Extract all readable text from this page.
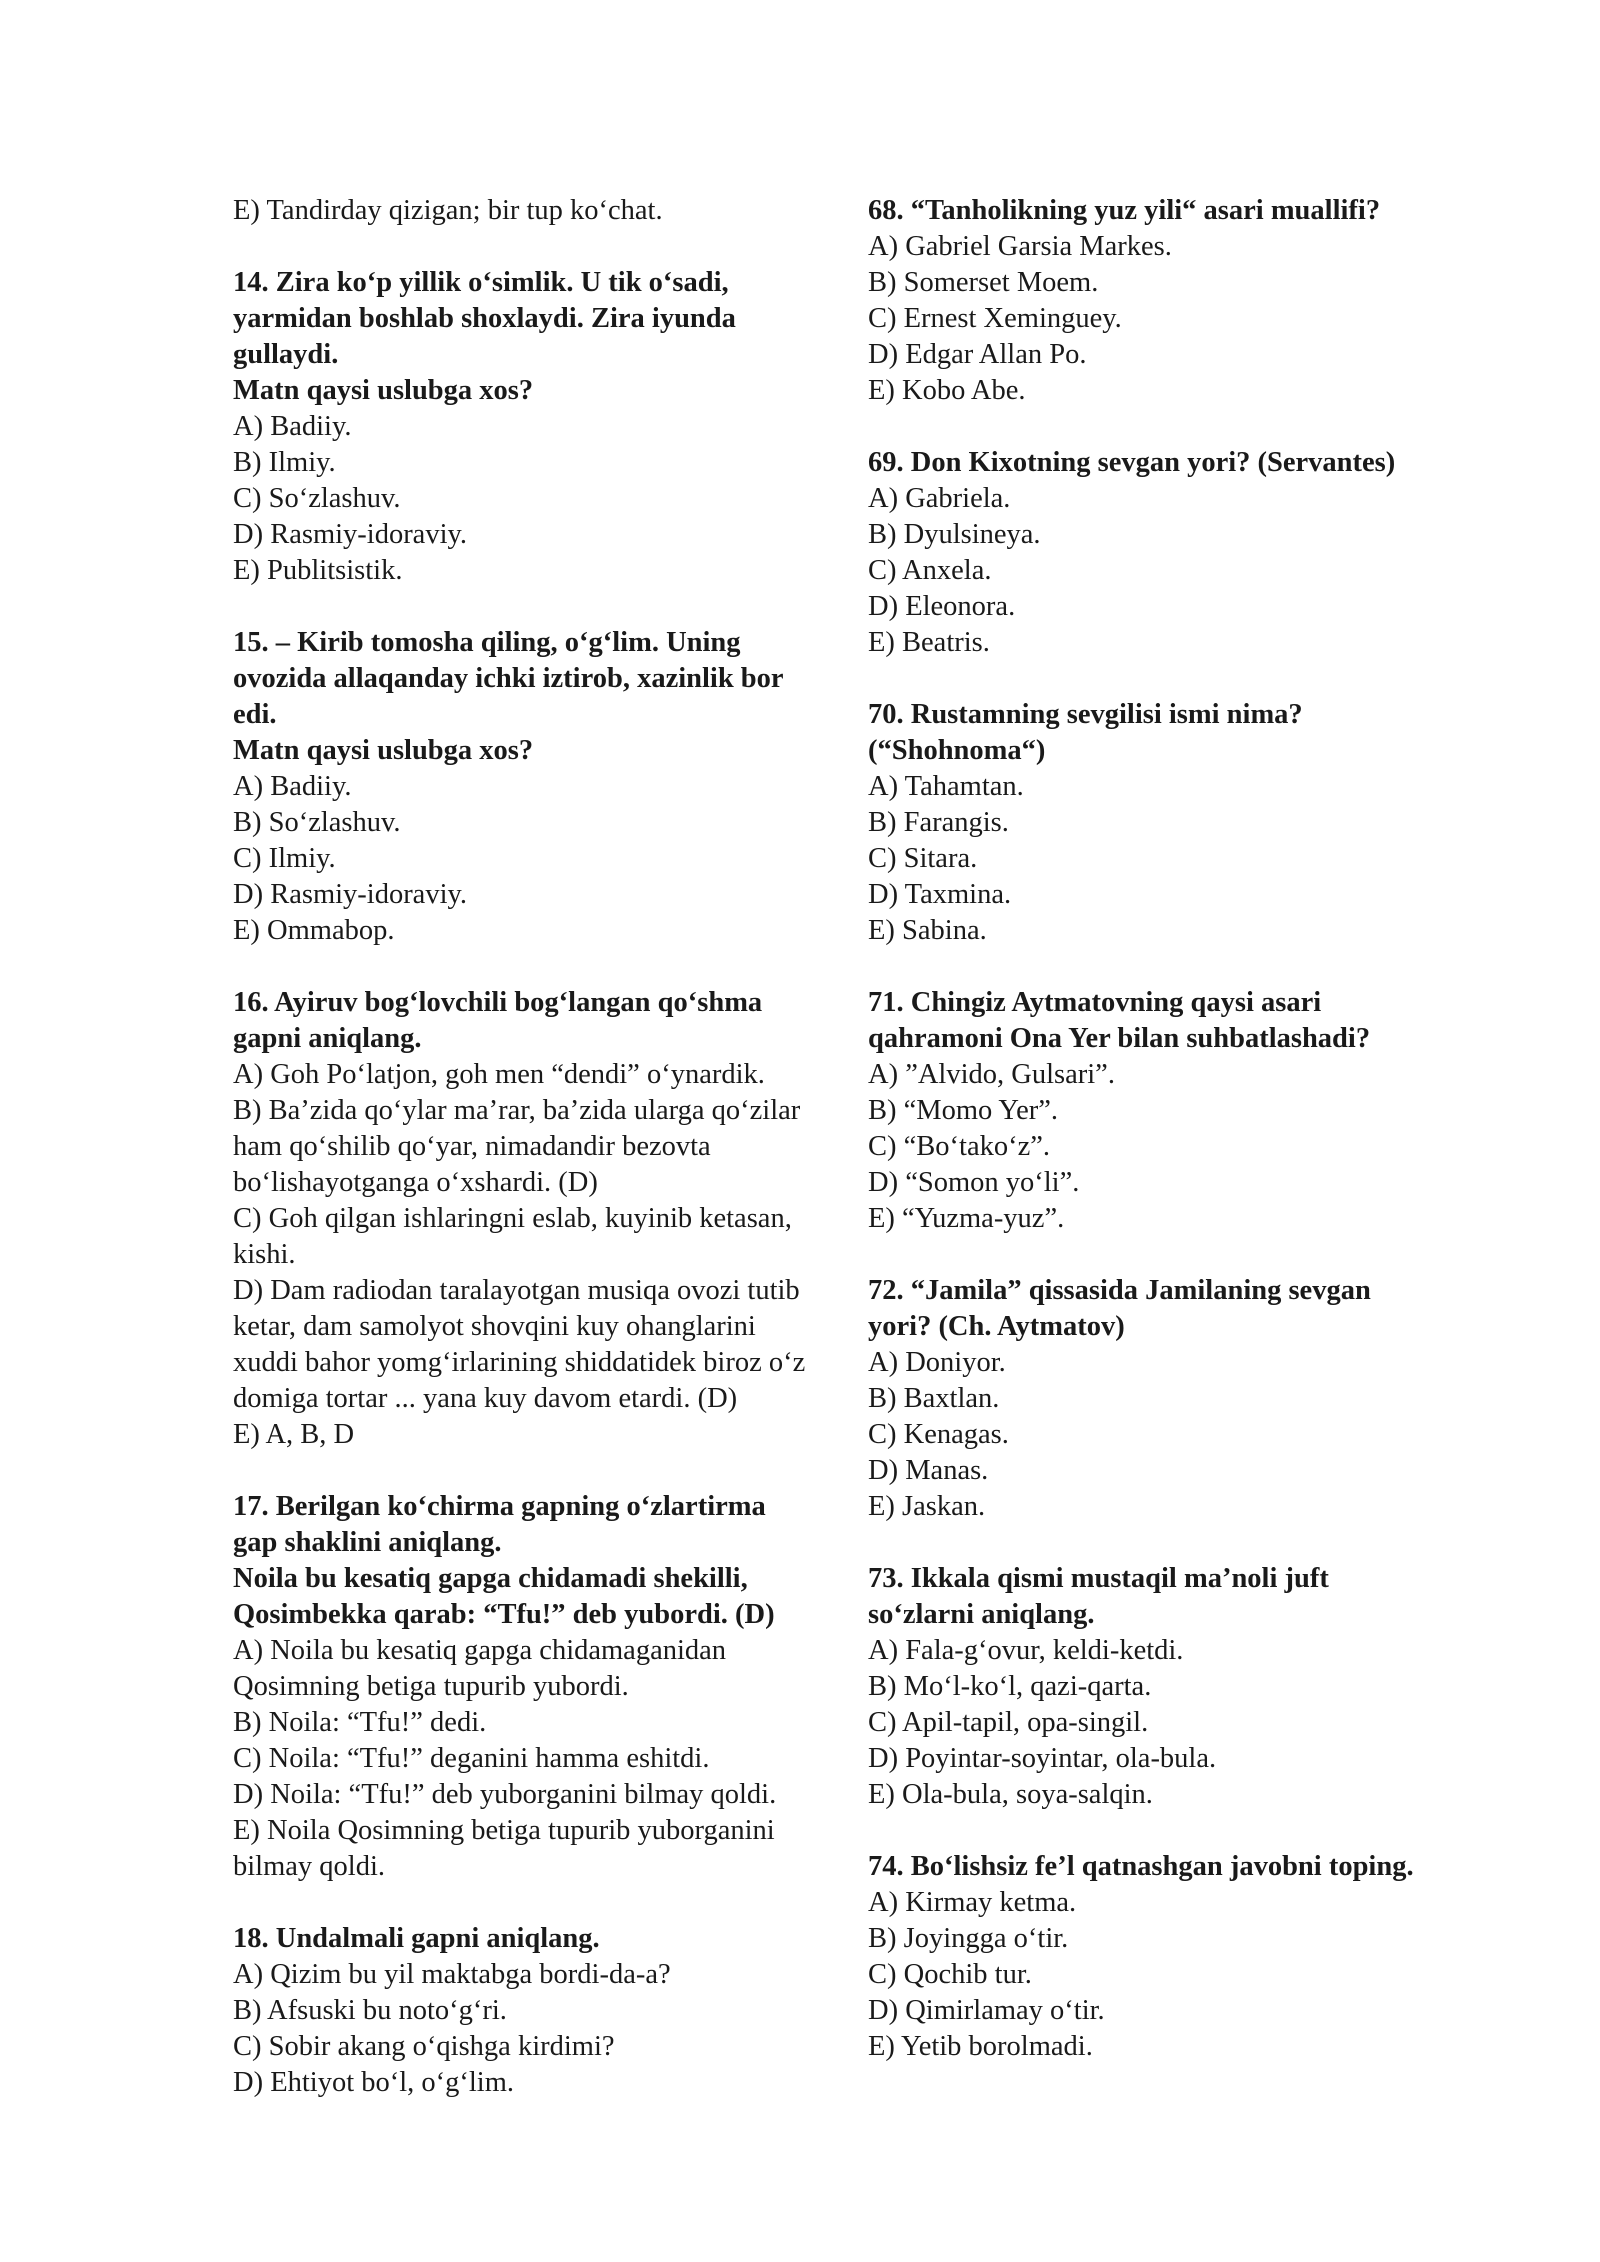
E) Tandirday qizigan; bir tup ko‘chat.
14. Zira ko‘p yillik o‘simlik. U tik o‘sadi,
yarmidan boshlab shoxlaydi. Zira iyunda
gullaydi.
Matn qaysi uslubga xos?
A) Badiiy.
B) Ilmiy.
C) So‘zlashuv.
D) Rasmiy-idoraviy.
E) Publitsistik.
15. – Kirib tomosha qiling, o‘g‘lim. Uning
ovozida allaqanday ichki iztirob, xazinlik bor
edi.
Matn qaysi uslubga xos?
A) Badiiy.
B) So‘zlashuv.
C) Ilmiy.
D) Rasmiy-idoraviy.
E) Ommabop.
16. Ayiruv bog‘lovchili bog‘langan qo‘shma
gapni aniqlang.
A) Goh Po‘latjon, goh men “dendi” o‘ynardik.
B) Ba’zida qo‘ylar ma’rar, ba’zida ularga qo‘zilar
ham qo‘shilib qo‘yar, nimadandir bezovta
bo‘lishayotganga o‘xshardi. (D)
C) Goh qilgan ishlaringni eslab, kuyinib ketasan,
kishi.
D) Dam radiodan taralayotgan musiqa ovozi tutib
ketar, dam samolyot shovqini kuy ohanglarini
xuddi bahor yomg‘irlarining shiddatidek biroz o‘z
domiga tortar ... yana kuy davom etardi. (D)
E) A, B, D
17. Berilgan ko‘chirma gapning o‘zlartirma
gap shaklini aniqlang.
Noila bu kesatiq gapga chidamadi shekilli,
Qosimbekka qarab: “Tfu!” deb yubordi. (D)
A) Noila bu kesatiq gapga chidamaganidan
Qosimning betiga tupurib yubordi.
B) Noila: “Tfu!” dedi.
C) Noila: “Tfu!” deganini hamma eshitdi.
D) Noila: “Tfu!” deb yuborganini bilmay qoldi.
E) Noila Qosimning betiga tupurib yuborganini
bilmay qoldi.
18. Undalmali gapni aniqlang.
A) Qizim bu yil maktabga bordi-da-a?
B) Afsuski bu noto‘g‘ri.
C) Sobir akang o‘qishga kirdimi?
D) Ehtiyot bo‘l, o‘g‘lim.
68. “Tanholikning yuz yili“ asari muallifi?
A) Gabriel Garsia Markes.
B) Somerset Moem.
C) Ernest Xeminguey.
D) Edgar Allan Po.
E) Kobo Abe.
69. Don Kixotning sevgan yori? (Servantes)
A) Gabriela.
B) Dyulsineya.
C) Anxela.
D) Eleonora.
E) Beatris.
70. Rustamning sevgilisi ismi nima?
(“Shohnoma“)
A) Tahamtan.
B) Farangis.
C) Sitara.
D) Taxmina.
E) Sabina.
71. Chingiz Aytmatovning qaysi asari
qahramoni Ona Yer bilan suhbatlashadi?
A) ”Alvido, Gulsari”.
B) “Momo Yer”.
C) “Bo‘tako‘z”.
D) “Somon yo‘li”.
E) “Yuzma-yuz”.
72. “Jamila” qissasida Jamilaning sevgan
yori? (Ch. Aytmatov)
A) Doniyor.
B) Baxtlan.
C) Kenagas.
D) Manas.
E) Jaskan.
73. Ikkala qismi mustaqil ma’noli juft
so‘zlarni aniqlang.
A) Fala-g‘ovur, keldi-ketdi.
B) Mo‘l-ko‘l, qazi-qarta.
C) Apil-tapil, opa-singil.
D) Poyintar-soyintar, ola-bula.
E) Ola-bula, soya-salqin.
74. Bo‘lishsiz fe’l qatnashgan javobni toping.
A) Kirmay ketma.
B) Joyingga o‘tir.
C) Qochib tur.
D) Qimirlamay o‘tir.
E) Yetib borolmadi.
